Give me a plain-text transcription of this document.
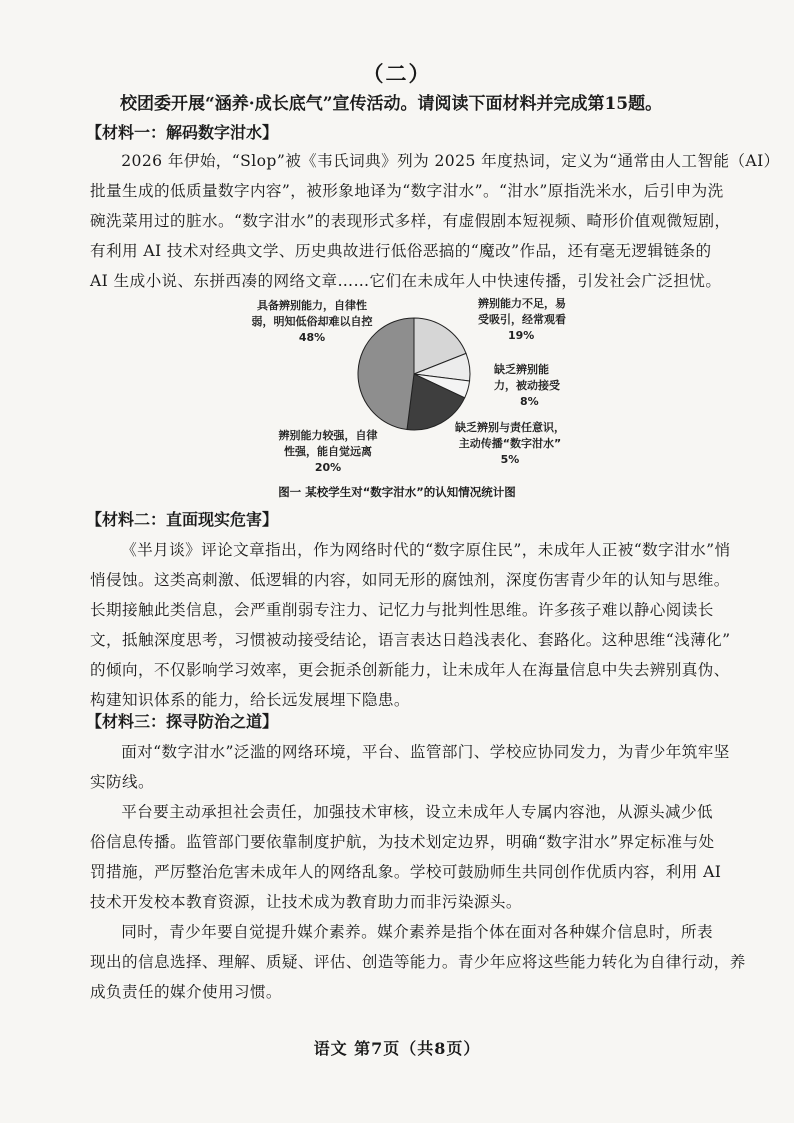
（二）
校团委开展“涵养·成长底气”宣传活动。请阅读下面材料并完成第15题。
【材料一：解码数字泔水】
2026 年伊始，“Slop”被《韦氏词典》列为 2025 年度热词，定义为“通常由人工智能（AI）
批量生成的低质量数字内容”，被形象地译为“数字泔水”。“泔水”原指洗米水，后引申为洗
碗洗菜用过的脏水。“数字泔水”的表现形式多样，有虚假剧本短视频、畸形价值观微短剧，
有利用 AI 技术对经典文学、历史典故进行低俗恶搞的“魔改”作品，还有毫无逻辑链条的
AI 生成小说、东拼西凑的网络文章……它们在未成年人中快速传播，引发社会广泛担忧。
具备辨别能力，自律性
弱，明知低俗却难以自控
48%
辨别能力不足，易
受吸引，经常观看
19%
缺乏辨别能
力，被动接受
8%
缺乏辨别与责任意识，
主动传播“数字泔水”
5%
辨别能力较强，自律
性强，能自觉远离
20%
图一 某校学生对“数字泔水”的认知情况统计图
【材料二：直面现实危害】
《半月谈》评论文章指出，作为网络时代的“数字原住民”，未成年人正被“数字泔水”悄
悄侵蚀。这类高刺激、低逻辑的内容，如同无形的腐蚀剂，深度伤害青少年的认知与思维。
长期接触此类信息，会严重削弱专注力、记忆力与批判性思维。许多孩子难以静心阅读长
文，抵触深度思考，习惯被动接受结论，语言表达日趋浅表化、套路化。这种思维“浅薄化”
的倾向，不仅影响学习效率，更会扼杀创新能力，让未成年人在海量信息中失去辨别真伪、
构建知识体系的能力，给长远发展埋下隐患。
【材料三：探寻防治之道】
面对“数字泔水”泛滥的网络环境，平台、监管部门、学校应协同发力，为青少年筑牢坚
实防线。
平台要主动承担社会责任，加强技术审核，设立未成年人专属内容池，从源头减少低
俗信息传播。监管部门要依靠制度护航，为技术划定边界，明确“数字泔水”界定标准与处
罚措施，严厉整治危害未成年人的网络乱象。学校可鼓励师生共同创作优质内容，利用 AI
技术开发校本教育资源，让技术成为教育助力而非污染源头。
同时，青少年要自觉提升媒介素养。媒介素养是指个体在面对各种媒介信息时，所表
现出的信息选择、理解、质疑、评估、创造等能力。青少年应将这些能力转化为自律行动，养
成负责任的媒介使用习惯。
语文 第7页（共8页）
